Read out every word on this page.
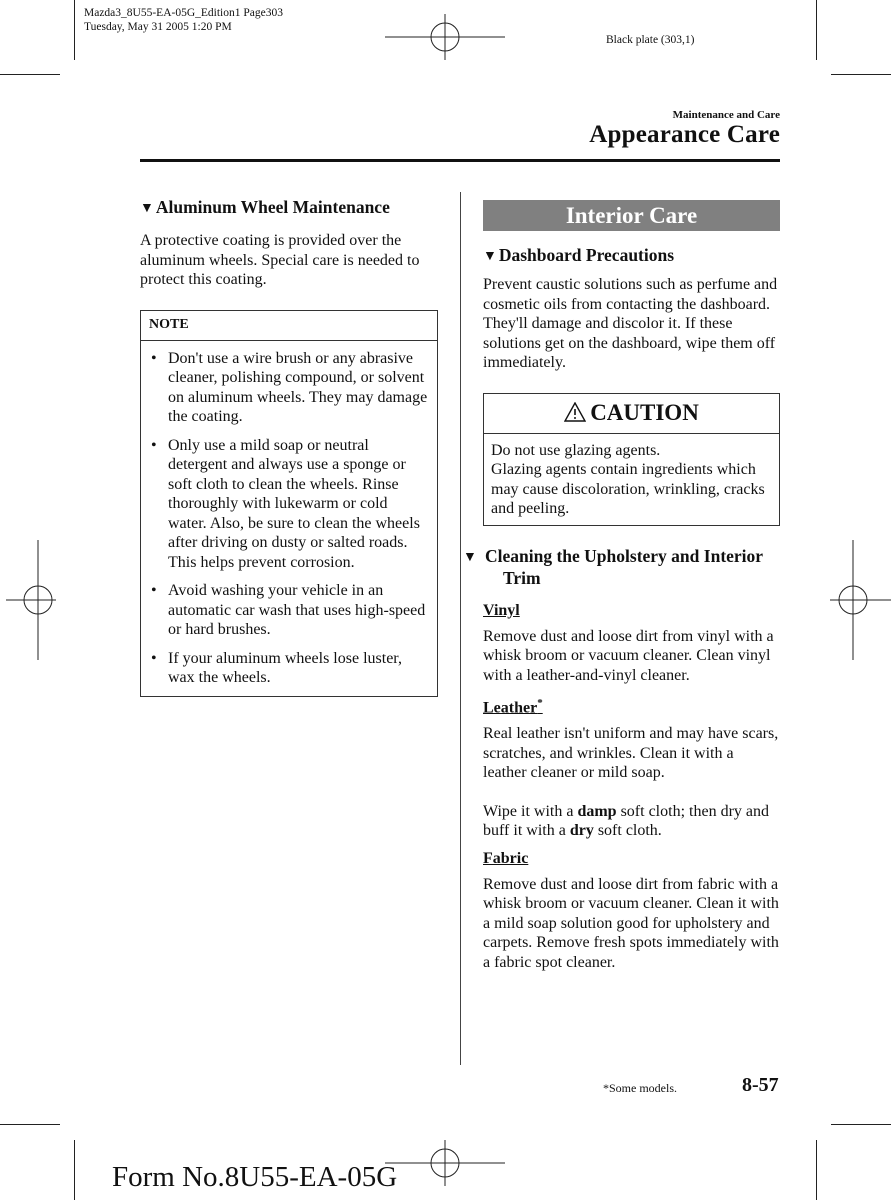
Mazda3_8U55-EA-05G_Edition1 Page303
Tuesday, May 31 2005 1:20 PM
Black plate (303,1)
Maintenance and Care
Appearance Care
▼ Aluminum Wheel Maintenance

A protective coating is provided over the aluminum wheels. Special care is needed to protect this coating.

NOTE
• Don't use a wire brush or any abrasive cleaner, polishing compound, or solvent on aluminum wheels. They may damage the coating.
• Only use a mild soap or neutral detergent and always use a sponge or soft cloth to clean the wheels. Rinse thoroughly with lukewarm or cold water. Also, be sure to clean the wheels after driving on dusty or salted roads. This helps prevent corrosion.
• Avoid washing your vehicle in an automatic car wash that uses high-speed or hard brushes.
• If your aluminum wheels lose luster, wax the wheels.
Interior Care
▼ Dashboard Precautions

Prevent caustic solutions such as perfume and cosmetic oils from contacting the dashboard. They'll damage and discolor it. If these solutions get on the dashboard, wipe them off immediately.

CAUTION

Do not use glazing agents.

Glazing agents contain ingredients which may cause discoloration, wrinkling, cracks and peeling.

▼ Cleaning the Upholstery and Interior Trim
Vinyl

Remove dust and loose dirt from vinyl with a whisk broom or vacuum cleaner. Clean vinyl with a leather-and-vinyl cleaner.

Leather*

Real leather isn't uniform and may have scars, scratches, and wrinkles. Clean it with a leather cleaner or mild soap.

Wipe it with a damp soft cloth; then dry and buff it with a dry soft cloth.

Fabric

Remove dust and loose dirt from fabric with a whisk broom or vacuum cleaner. Clean it with a mild soap solution good for upholstery and carpets. Remove fresh spots immediately with a fabric spot cleaner.

*Some models.	8-57
Form No.8U55-EA-05G
